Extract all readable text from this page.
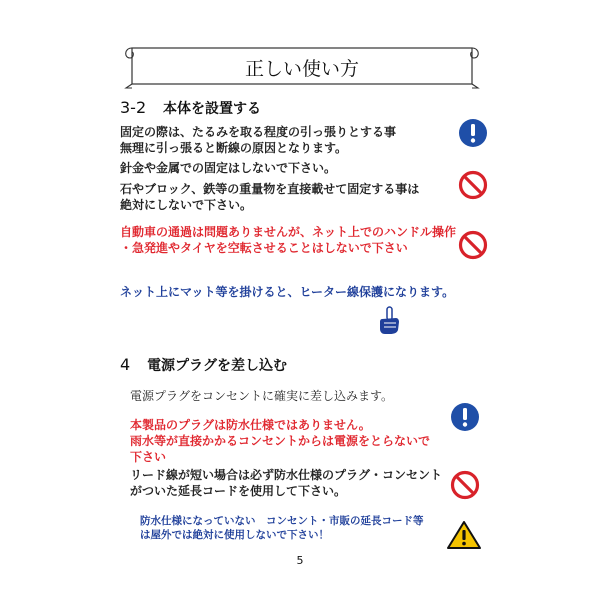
正しい使い方
3-2 本体を設置する
固定の際は、たるみを取る程度の引っ張りとする事
無理に引っ張ると断線の原因となります。
針金や金属での固定はしないで下さい。
石やブロック、鉄等の重量物を直接載せて固定する事は
絶対にしないで下さい。
自動車の通過は問題ありませんが、ネット上でのハンドル操作
・急発進やタイヤを空転させることはしないで下さい
ネット上にマット等を掛けると、ヒーター線保護になります。
4 電源プラグを差し込む
電源プラグをコンセントに確実に差し込みます。
本製品のプラグは防水仕様ではありません。
雨水等が直接かかるコンセントからは電源をとらないで
下さい
リード線が短い場合は必ず防水仕様のプラグ・コンセント
がついた延長コードを使用して下さい。
防水仕様になっていない　コンセント・市販の延長コード等
は屋外では絶対に使用しないで下さい！
5
